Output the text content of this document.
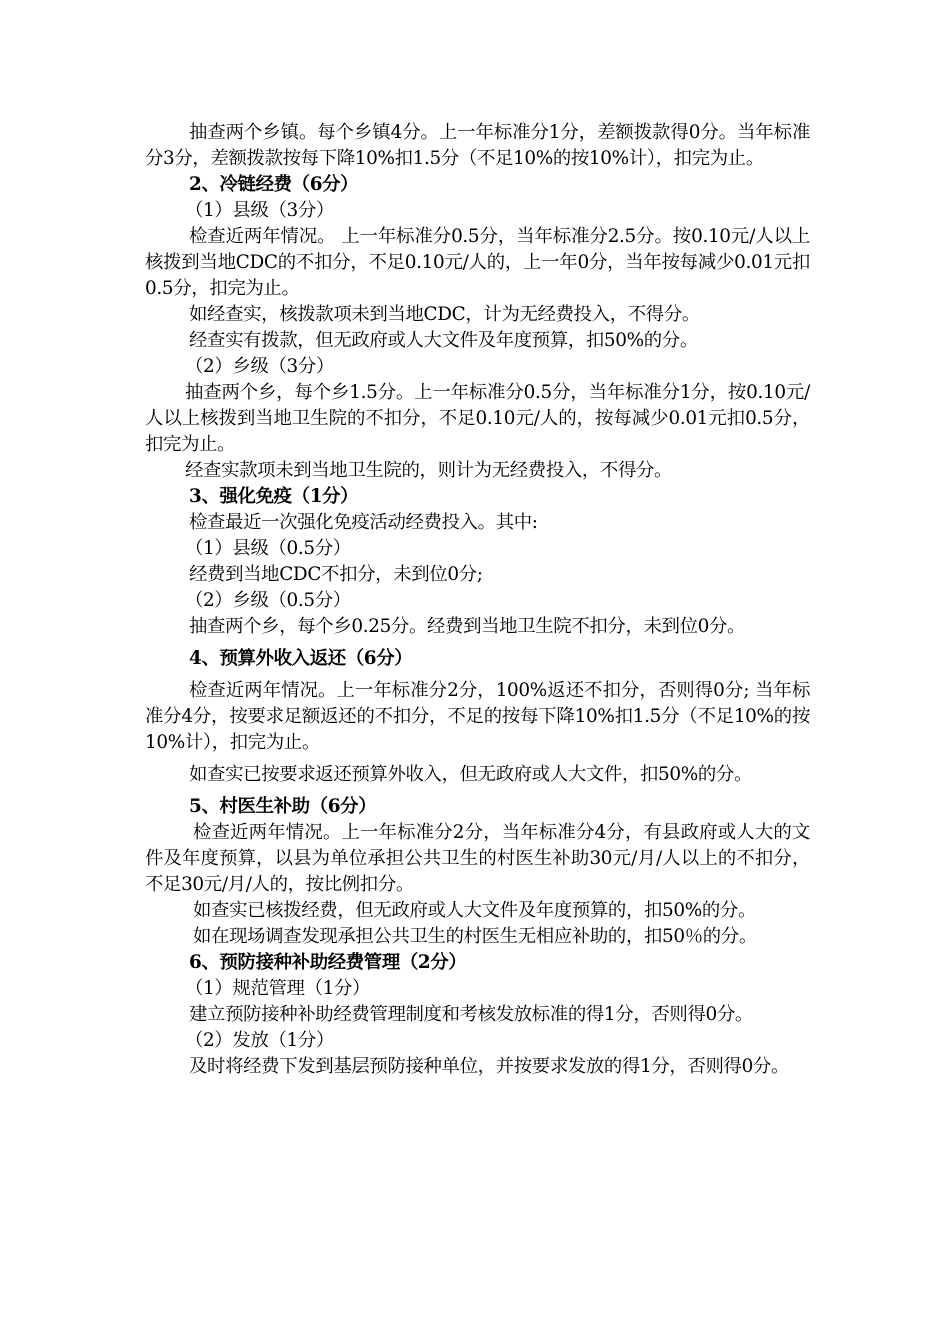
抽查两个乡镇。每个乡镇4分。上一年标准分1分，差额拨款得0分。当年标准分3分，差额拨款按每下降10%扣1.5分（不足10%的按10%计），扣完为止。

2、冷链经费（6分）

（1）县级（3分）

检查近两年情况。 上一年标准分0.5分，当年标准分2.5分。按0.10元/人以上核拨到当地CDC的不扣分，不足0.10元/人的，上一年0分，当年按每减少0.01元扣0.5分，扣完为止。

如经查实，核拨款项未到当地CDC，计为无经费投入，不得分。

经查实有拨款，但无政府或人大文件及年度预算，扣50%的分。

（2）乡级（3分）

抽查两个乡，每个乡1.5分。上一年标准分0.5分，当年标准分1分，按0.10元/人以上核拨到当地卫生院的不扣分，不足0.10元/人的，按每减少0.01元扣0.5分，扣完为止。

经查实款项未到当地卫生院的，则计为无经费投入，不得分。

3、强化免疫（1分）

检查最近一次强化免疫活动经费投入。其中:

（1）县级（0.5分）

经费到当地CDC不扣分，未到位0分;

（2）乡级（0.5分）

抽查两个乡，每个乡0.25分。经费到当地卫生院不扣分，未到位0分。

4、预算外收入返还（6分）

检查近两年情况。上一年标准分2分，100%返还不扣分，否则得0分; 当年标准分4分，按要求足额返还的不扣分，不足的按每下降10%扣1.5分（不足10%的按10%计），扣完为止。

如查实已按要求返还预算外收入，但无政府或人大文件，扣50%的分。

5、村医生补助（6分）

检查近两年情况。上一年标准分2分，当年标准分4分，有县政府或人大的文件及年度预算，以县为单位承担公共卫生的村医生补助30元/月/人以上的不扣分，不足30元/月/人的，按比例扣分。

如查实已核拨经费，但无政府或人大文件及年度预算的，扣50%的分。

如在现场调查发现承担公共卫生的村医生无相应补助的，扣50％的分。

6、预防接种补助经费管理（2分）

（1）规范管理（1分）

建立预防接种补助经费管理制度和考核发放标准的得1分，否则得0分。

（2）发放（1分）

及时将经费下发到基层预防接种单位，并按要求发放的得1分，否则得0分。
